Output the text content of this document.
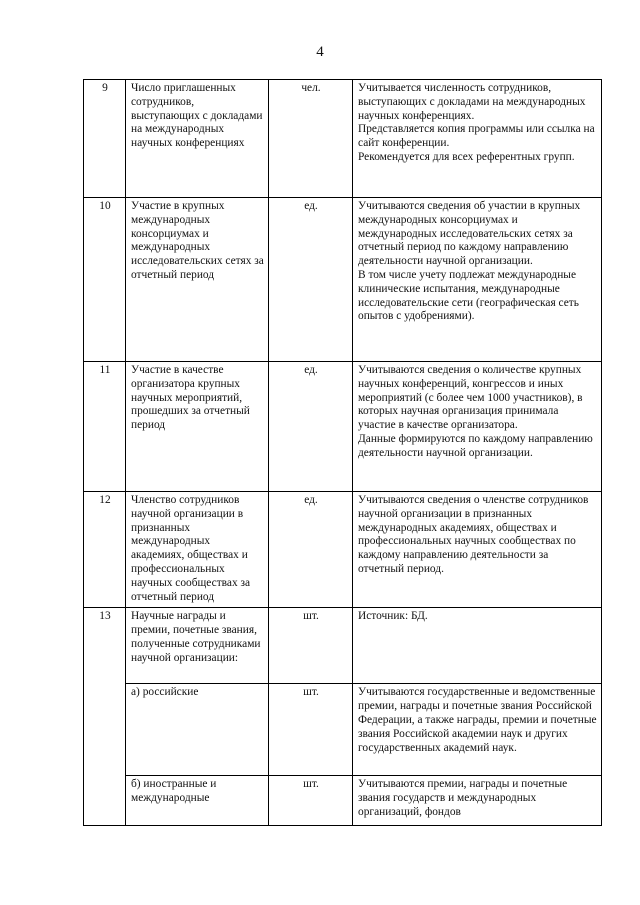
4
9	Число приглашенных сотрудников, выступающих с докладами на международных научных конференциях	чел.	Учитывается численность сотрудников, выступающих с докладами на международных научных конференциях.
Представляется копия программы или ссылка на сайт конференции.
Рекомендуется для всех референтных групп.

10	Участие в крупных международных консорциумах и международных исследовательских сетях за отчетный период	ед.	Учитываются сведения об участии в крупных международных консорциумах и международных исследовательских сетях за отчетный период по каждому направлению деятельности научной организации.
В том числе учету подлежат международные клинические испытания, международные исследовательские сети (географическая сеть опытов с удобрениями).

11	Участие в качестве организатора крупных научных мероприятий, прошедших за отчетный период	ед.	Учитываются сведения о количестве крупных научных конференций, конгрессов и иных мероприятий (с более чем 1000 участников), в которых научная организация принимала участие в качестве организатора.
Данные формируются по каждому направлению деятельности научной организации.

12	Членство сотрудников научной организации в признанных международных академиях, обществах и профессиональных научных сообществах за отчетный период	ед.	Учитываются сведения о членстве сотрудников научной организации в признанных международных академиях, обществах и профессиональных научных сообществах по каждому направлению деятельности за отчетный период.

13	Научные награды и премии, почетные звания, полученные сотрудниками научной организации:	шт.	Источник: БД.

	а) российские	шт.	Учитываются государственные и ведомственные премии, награды и почетные звания Российской Федерации, а также награды, премии и почетные звания Российской академии наук и других государственных академий наук.

	б) иностранные и международные	шт.	Учитываются премии, награды и почетные звания государств и международных организаций, фондов
